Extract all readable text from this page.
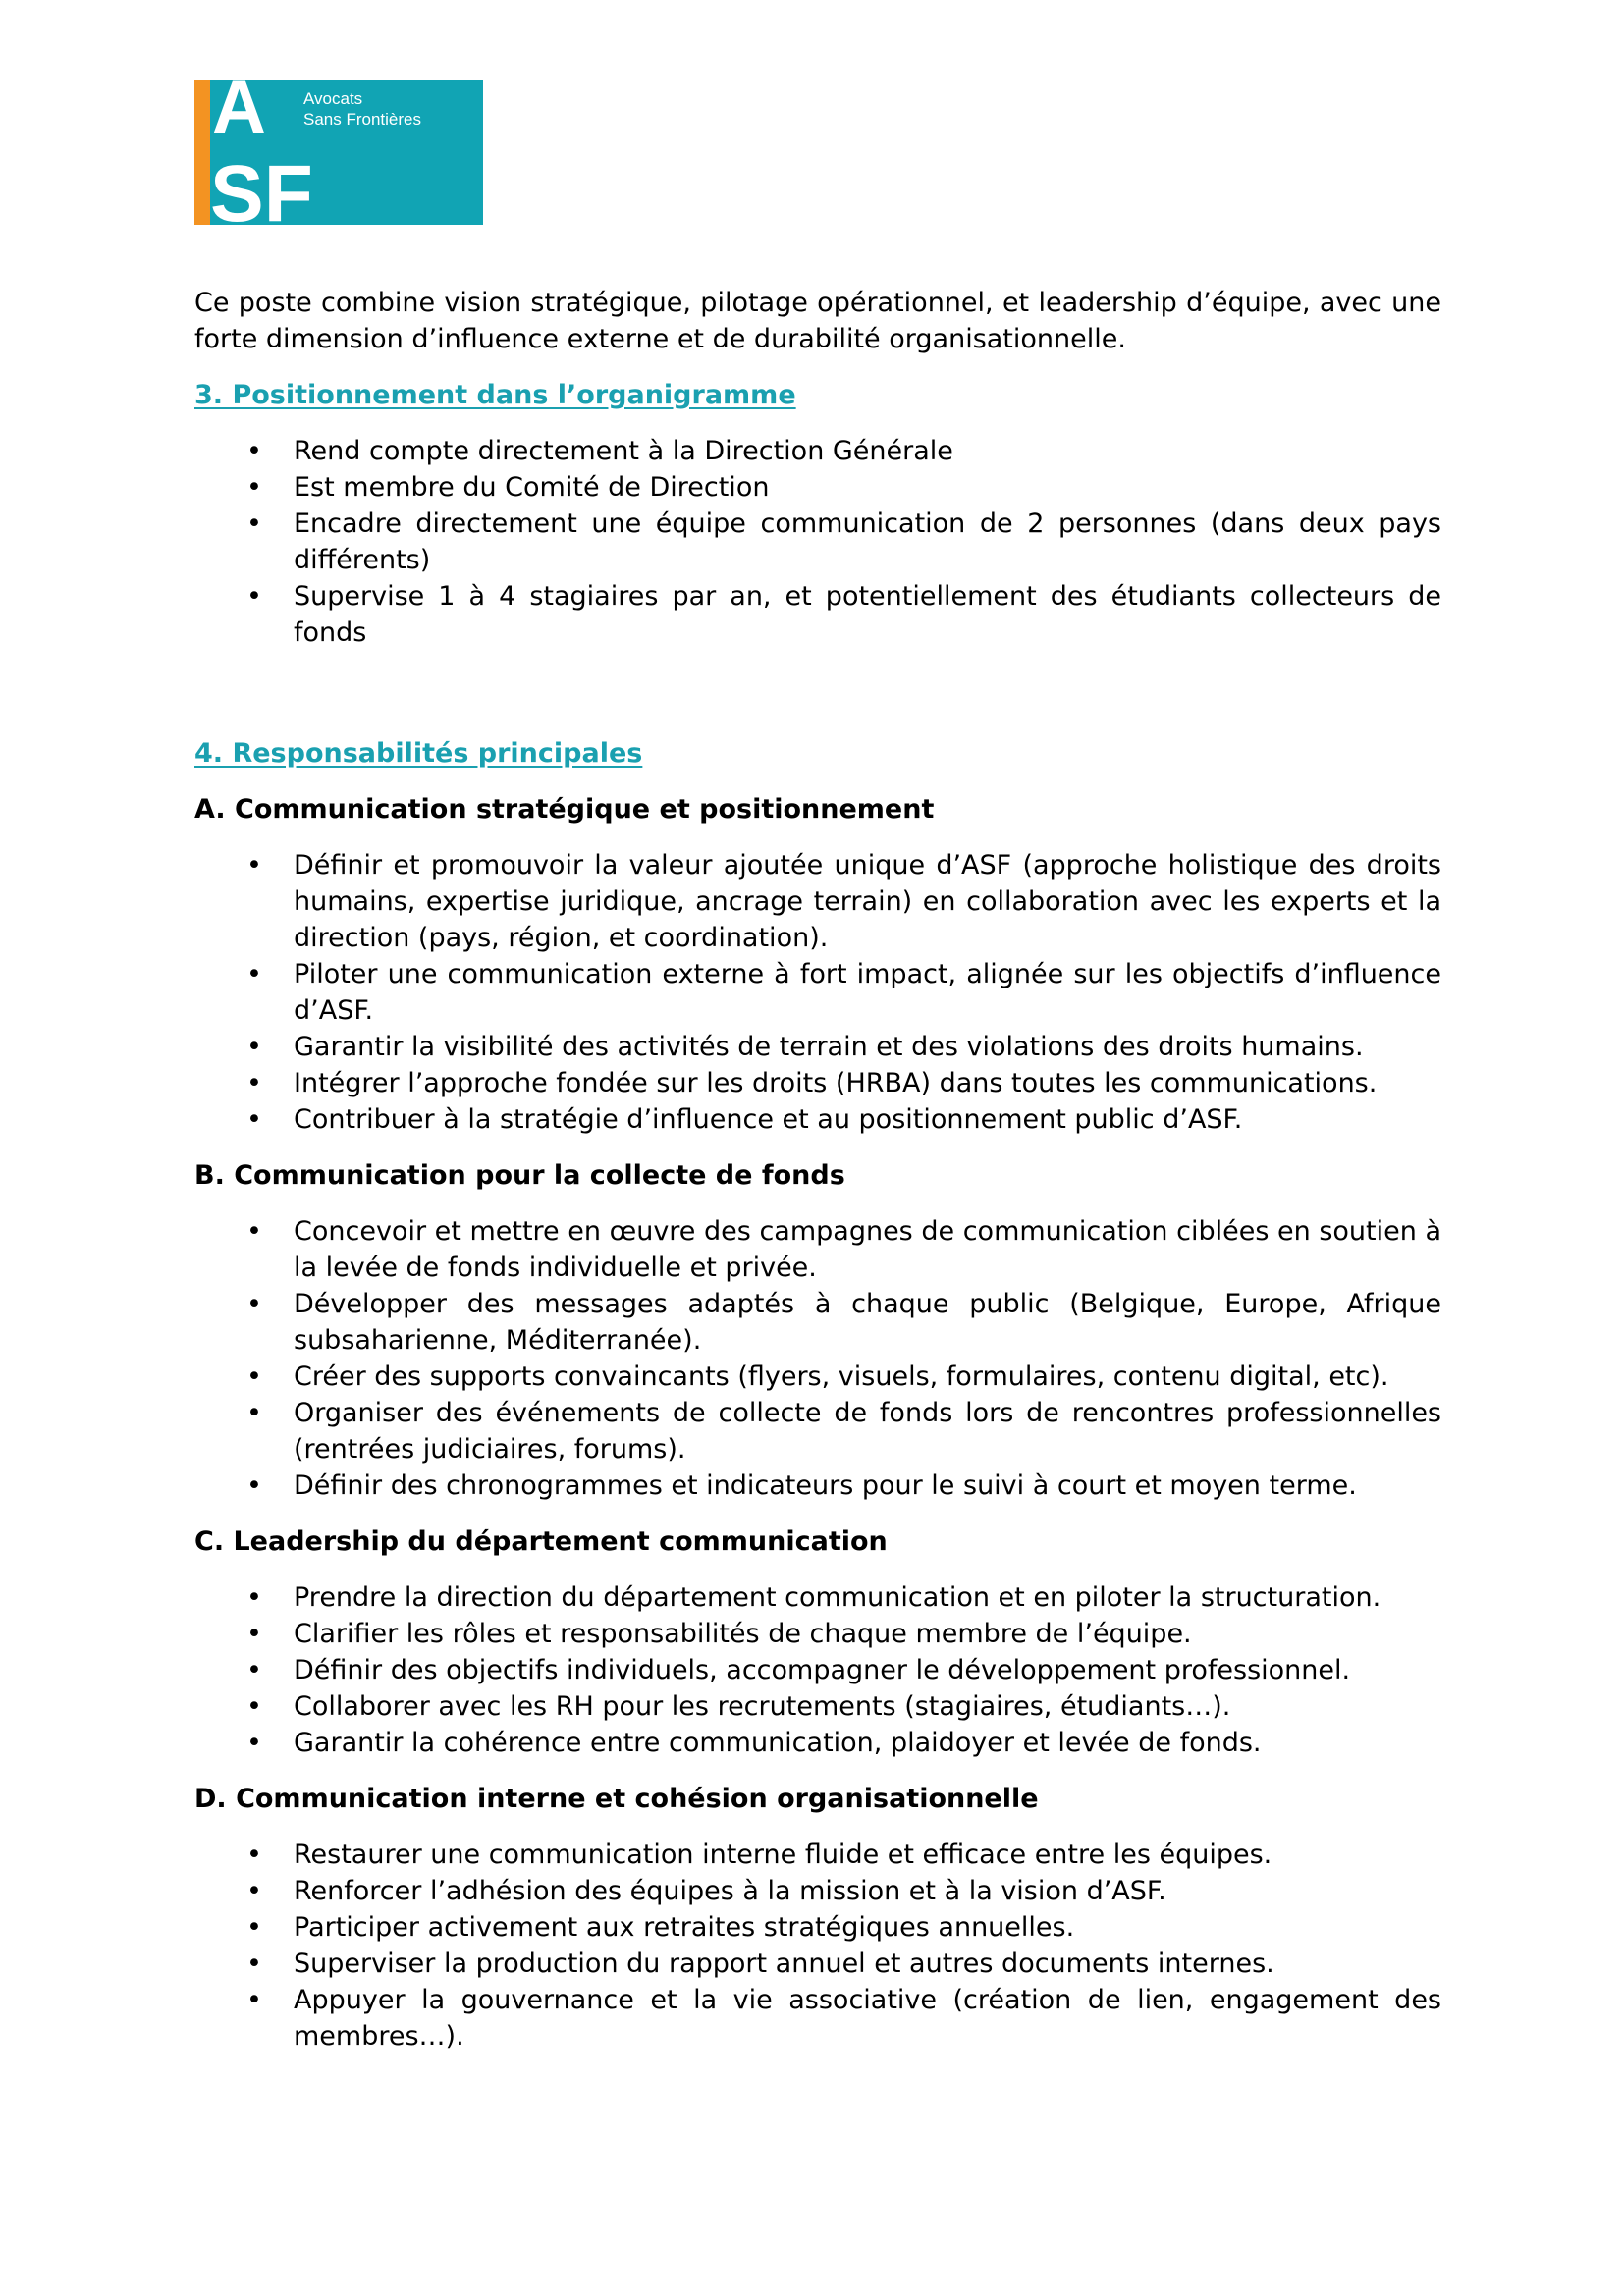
A
SF
Avocats
Sans Frontières

Ce poste combine vision stratégique, pilotage opérationnel, et leadership d’équipe, avec une forte dimension d’influence externe et de durabilité organisationnelle.

3. Positionnement dans l’organigramme
• Rend compte directement à la Direction Générale
• Est membre du Comité de Direction
• Encadre directement une équipe communication de 2 personnes (dans deux pays différents)
• Supervise 1 à 4 stagiaires par an, et potentiellement des étudiants collecteurs de fonds
4. Responsabilités principales
A. Communication stratégique et positionnement
• Définir et promouvoir la valeur ajoutée unique d’ASF (approche holistique des droits humains, expertise juridique, ancrage terrain) en collaboration avec les experts et la direction (pays, région, et coordination).
• Piloter une communication externe à fort impact, alignée sur les objectifs d’influence d’ASF.
• Garantir la visibilité des activités de terrain et des violations des droits humains.
• Intégrer l’approche fondée sur les droits (HRBA) dans toutes les communications.
• Contribuer à la stratégie d’influence et au positionnement public d’ASF.
B. Communication pour la collecte de fonds
• Concevoir et mettre en œuvre des campagnes de communication ciblées en soutien à la levée de fonds individuelle et privée.
• Développer des messages adaptés à chaque public (Belgique, Europe, Afrique subsaharienne, Méditerranée).
• Créer des supports convaincants (flyers, visuels, formulaires, contenu digital, etc).
• Organiser des événements de collecte de fonds lors de rencontres professionnelles (rentrées judiciaires, forums).
• Définir des chronogrammes et indicateurs pour le suivi à court et moyen terme.
C. Leadership du département communication
• Prendre la direction du département communication et en piloter la structuration.
• Clarifier les rôles et responsabilités de chaque membre de l’équipe.
• Définir des objectifs individuels, accompagner le développement professionnel.
• Collaborer avec les RH pour les recrutements (stagiaires, étudiants…).
• Garantir la cohérence entre communication, plaidoyer et levée de fonds.
D. Communication interne et cohésion organisationnelle
• Restaurer une communication interne fluide et efficace entre les équipes.
• Renforcer l’adhésion des équipes à la mission et à la vision d’ASF.
• Participer activement aux retraites stratégiques annuelles.
• Superviser la production du rapport annuel et autres documents internes.
• Appuyer la gouvernance et la vie associative (création de lien, engagement des membres…).
